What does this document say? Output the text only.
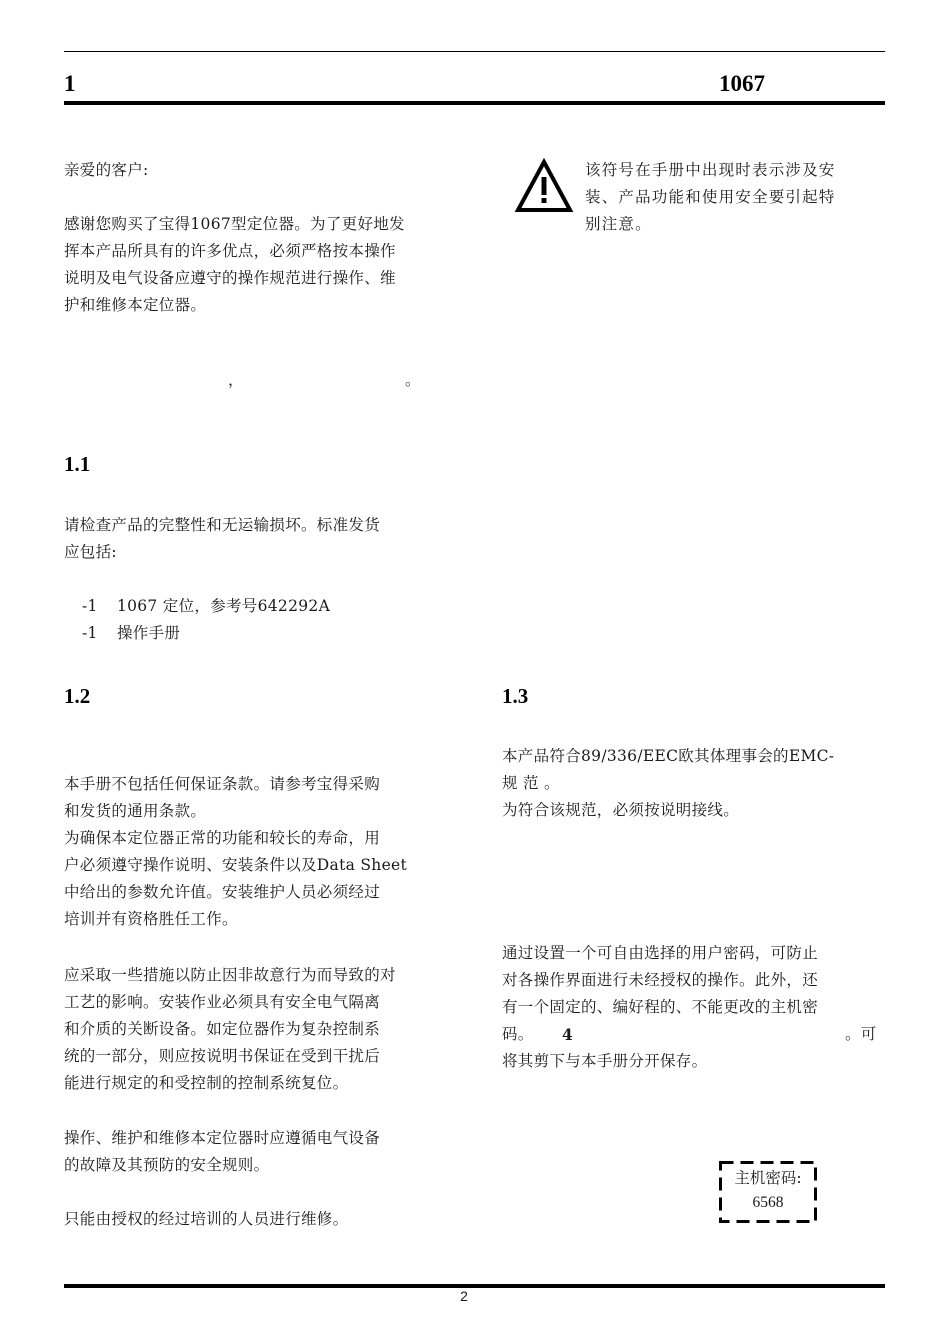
1	1067
亲爱的客户:
感谢您购买了宝得1067型定位器。为了更好地发
挥本产品所具有的许多优点，必须严格按本操作
说明及电气设备应遵守的操作规范进行操作、维
护和维修本定位器。
，	。
该符号在手册中出现时表示涉及安
装、产品功能和使用安全要引起特
别注意。
1.1
请检查产品的完整性和无运输损坏。标准发货
应包括:
-1 1067 定位，参考号642292A
-1 操作手册
1.2
本手册不包括任何保证条款。请参考宝得采购
和发货的通用条款。
为确保本定位器正常的功能和较长的寿命，用
户必须遵守操作说明、安装条件以及Data Sheet
中给出的参数允许值。安装维护人员必须经过
培训并有资格胜任工作。
应采取一些措施以防止因非故意行为而导致的对
工艺的影响。安装作业必须具有安全电气隔离
和介质的关断设备。如定位器作为复杂控制系
统的一部分，则应按说明书保证在受到干扰后
能进行规定的和受控制的控制系统复位。
操作、维护和维修本定位器时应遵循电气设备
的故障及其预防的安全规则。
只能由授权的经过培训的人员进行维修。
1.3
本产品符合89/336/EEC欧其体理事会的EMC-
规 范 。
为符合该规范，必须按说明接线。
通过设置一个可自由选择的用户密码，可防止
对各操作界面进行未经授权的操作。此外，还
有一个固定的、编好程的、不能更改的主机密
码。 4	。可
将其剪下与本手册分开保存。
主机密码:
6568
2
